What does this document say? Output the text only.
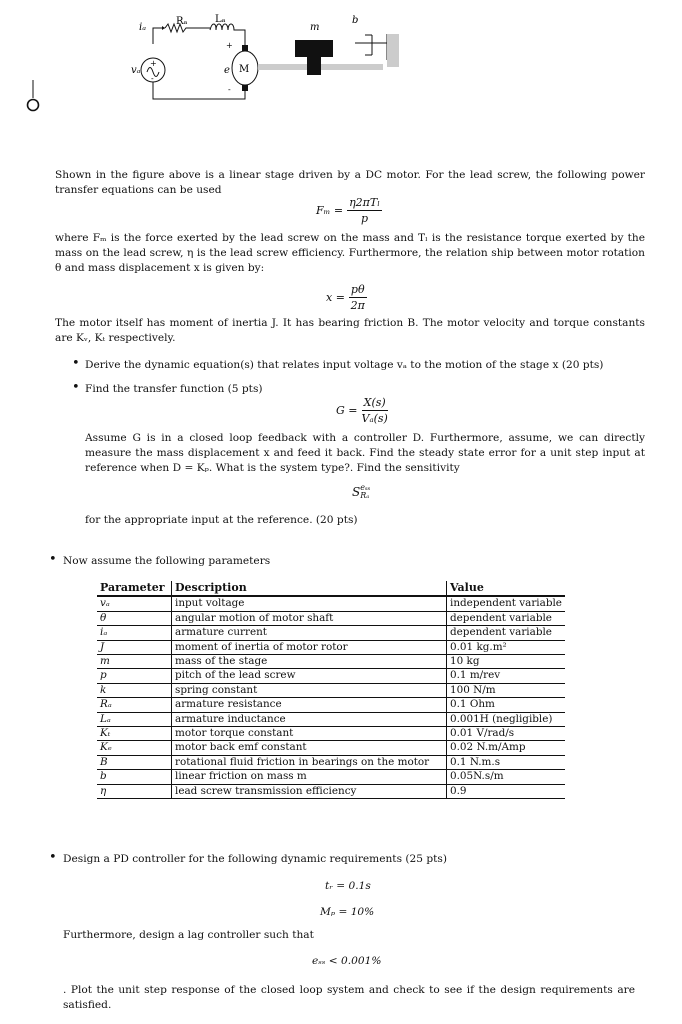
iₐ
Rₐ	Lₐ
vₐ	e M
m
b
+
-
+
-
Shown in the figure above is a linear stage driven by a DC motor. For the lead screw, the following power transfer equations can be used
$F_m = \frac{\text{η2πTₗ}}{p}$
where Fₘ is the force exerted by the lead screw on the mass and Tₗ is the resistance torque exerted by the mass on the lead screw, η is the lead screw efficiency. Furthermore, the relation ship between motor rotation θ and mass displacement x is given by:
$x = \frac{p\theta}{2\pi}$
The motor itself has moment of inertia J. It has bearing friction B. The motor velocity and torque constants are Kᵥ, Kₜ respectively.
• Derive the dynamic equation(s) that relates input voltage vₐ to the motion of the stage x (20 pts)
• Find the transfer function (5 pts)
$G = \frac{X(s)}{\text{Vₐ(s)}}$
Assume G is in a closed loop feedback with a controller D. Furthermore, assume, we can directly measure the mass displacement x and feed it back. Find the steady state error for a unit step input at reference when D = Kₚ. What is the system type?. Find the sensitivity
S eₛₛ
Rₐ
for the appropriate input at the reference. (20 pts)
• Now assume the following parameters
Parameter	Description	Value
vₐ	input voltage	independent variable
θ	angular motion of motor shaft	dependent variable
iₐ	armature current	dependent variable
J	moment of inertia of motor rotor	0.01 kg.m²
m	mass of the stage	10 kg
p	pitch of the lead screw	0.1 m/rev
k	spring constant	100 N/m
Rₐ	armature resistance	0.1 Ohm
Lₐ	armature inductance	0.001H (negligible)
Kₜ	motor torque constant	0.01 V/rad/s
Kₑ	motor back emf constant	0.02 N.m/Amp
B	rotational fluid friction in bearings on the motor	0.1 N.m.s
b	linear friction on mass m	0.05N.s/m
η	lead screw transmission efficiency	0.9
• Design a PD controller for the following dynamic requirements (25 pts)
tᵣ = 0.1s
Mₚ = 10%
Furthermore, design a lag controller such that
eₛₛ < 0.001%
. Plot the unit step response of the closed loop system and check to see if the design requirements are satisfied.
